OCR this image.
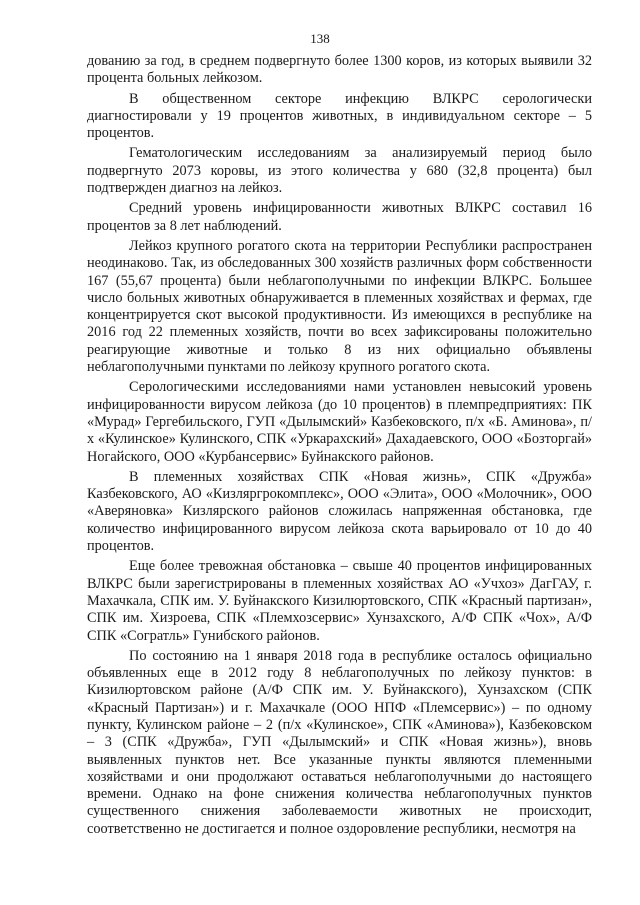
138

дованию за год, в среднем подвергнуто более 1300 коров, из которых выявили 32 процента больных лейкозом.

В общественном секторе инфекцию ВЛКРС серологически диагностировали у 19 процентов животных, в индивидуальном секторе – 5 процентов.

Гематологическим исследованиям за анализируемый период было подвергнуто 2073 коровы, из этого количества у 680 (32,8 процента) был подтвержден диагноз на лейкоз.

Средний уровень инфицированности животных ВЛКРС составил 16 процентов за 8 лет наблюдений.

Лейкоз крупного рогатого скота на территории Республики распространен неодинаково. Так, из обследованных 300 хозяйств различных форм собственности 167 (55,67 процента) были неблагополучными по инфекции ВЛКРС. Большее число больных животных обнаруживается в племенных хозяйствах и фермах, где концентрируется скот высокой продуктивности. Из имеющихся в республике на 2016 год 22 племенных хозяйств, почти во всех зафиксированы положительно реагирующие животные и только 8 из них официально объявлены неблагополучными пунктами по лейкозу крупного рогатого скота.

Серологическими исследованиями нами установлен невысокий уровень инфицированности вирусом лейкоза (до 10 процентов) в племпредприятиях: ПК «Мурад» Гергебильского, ГУП «Дылымский» Казбековского, п/х «Б. Аминова», п/х «Кулинское» Кулинского, СПК «Уркарахский» Дахадаевского, ООО «Бозторгай» Ногайского, ООО «Курбансервис» Буйнакского районов.

В племенных хозяйствах СПК «Новая жизнь», СПК «Дружба» Казбековского, АО «Кизляргрокомплекс», ООО «Элита», ООО «Молочник», ООО «Аверяновка» Кизлярского районов сложилась напряженная обстановка, где количество инфицированного вирусом лейкоза скота варьировало от 10 до 40 процентов.

Еще более тревожная обстановка – свыше 40 процентов инфицированных ВЛКРС были зарегистрированы в племенных хозяйствах АО «Учхоз» ДагГАУ, г. Махачкала, СПК им. У. Буйнакского Кизилюртовского, СПК «Красный партизан», СПК им. Хизроева, СПК «Племхозсервис» Хунзахского, А/Ф СПК «Чох», А/Ф СПК «Согратль» Гунибского районов.

По состоянию на 1 января 2018 года в республике осталось официально объявленных еще в 2012 году 8 неблагополучных по лейкозу пунктов: в Кизилюртовском районе (А/Ф СПК им. У. Буйнакского), Хунзахском (СПК «Красный Партизан») и г. Махачкале (ООО НПФ «Племсервис») – по одному пункту, Кулинском районе – 2 (п/х «Кулинское», СПК «Аминова»), Казбековском – 3 (СПК «Дружба», ГУП «Дылымский» и СПК «Новая жизнь»), вновь выявленных пунктов нет. Все указанные пункты являются племенными хозяйствами и они продолжают оставаться неблагополучными до настоящего времени. Однако на фоне снижения количества неблагополучных пунктов существенного снижения заболеваемости животных не происходит, соответственно не достигается и полное оздоровление республики, несмотря на
